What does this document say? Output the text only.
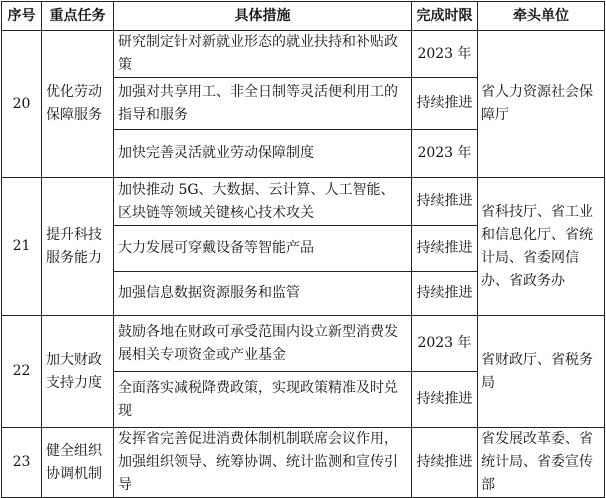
序号	重点任务	具体措施	完成时限	牵头单位
20	优化劳动保障服务	研究制定针对新就业形态的就业扶持和补贴政策	2023 年	省人力资源社会保障厅
		加强对共享用工、非全日制等灵活便利用工的指导和服务	持续推进	
		加快完善灵活就业劳动保障制度	2023 年	
21	提升科技服务能力	加快推动 5G、大数据、云计算、人工智能、区块链等领域关键核心技术攻关	持续推进	省科技厅、省工业和信息化厅、省统计局、省委网信办、省政务办
		大力发展可穿戴设备等智能产品	持续推进	
		加强信息数据资源服务和监管	持续推进	
22	加大财政支持力度	鼓励各地在财政可承受范围内设立新型消费发展相关专项资金或产业基金	2023 年	省财政厅、省税务局
		全面落实减税降费政策，实现政策精准及时兑现	持续推进	
23	健全组织协调机制	发挥省完善促进消费体制机制联席会议作用，加强组织领导、统筹协调、统计监测和宣传引导	持续推进	省发展改革委、省统计局、省委宣传部
